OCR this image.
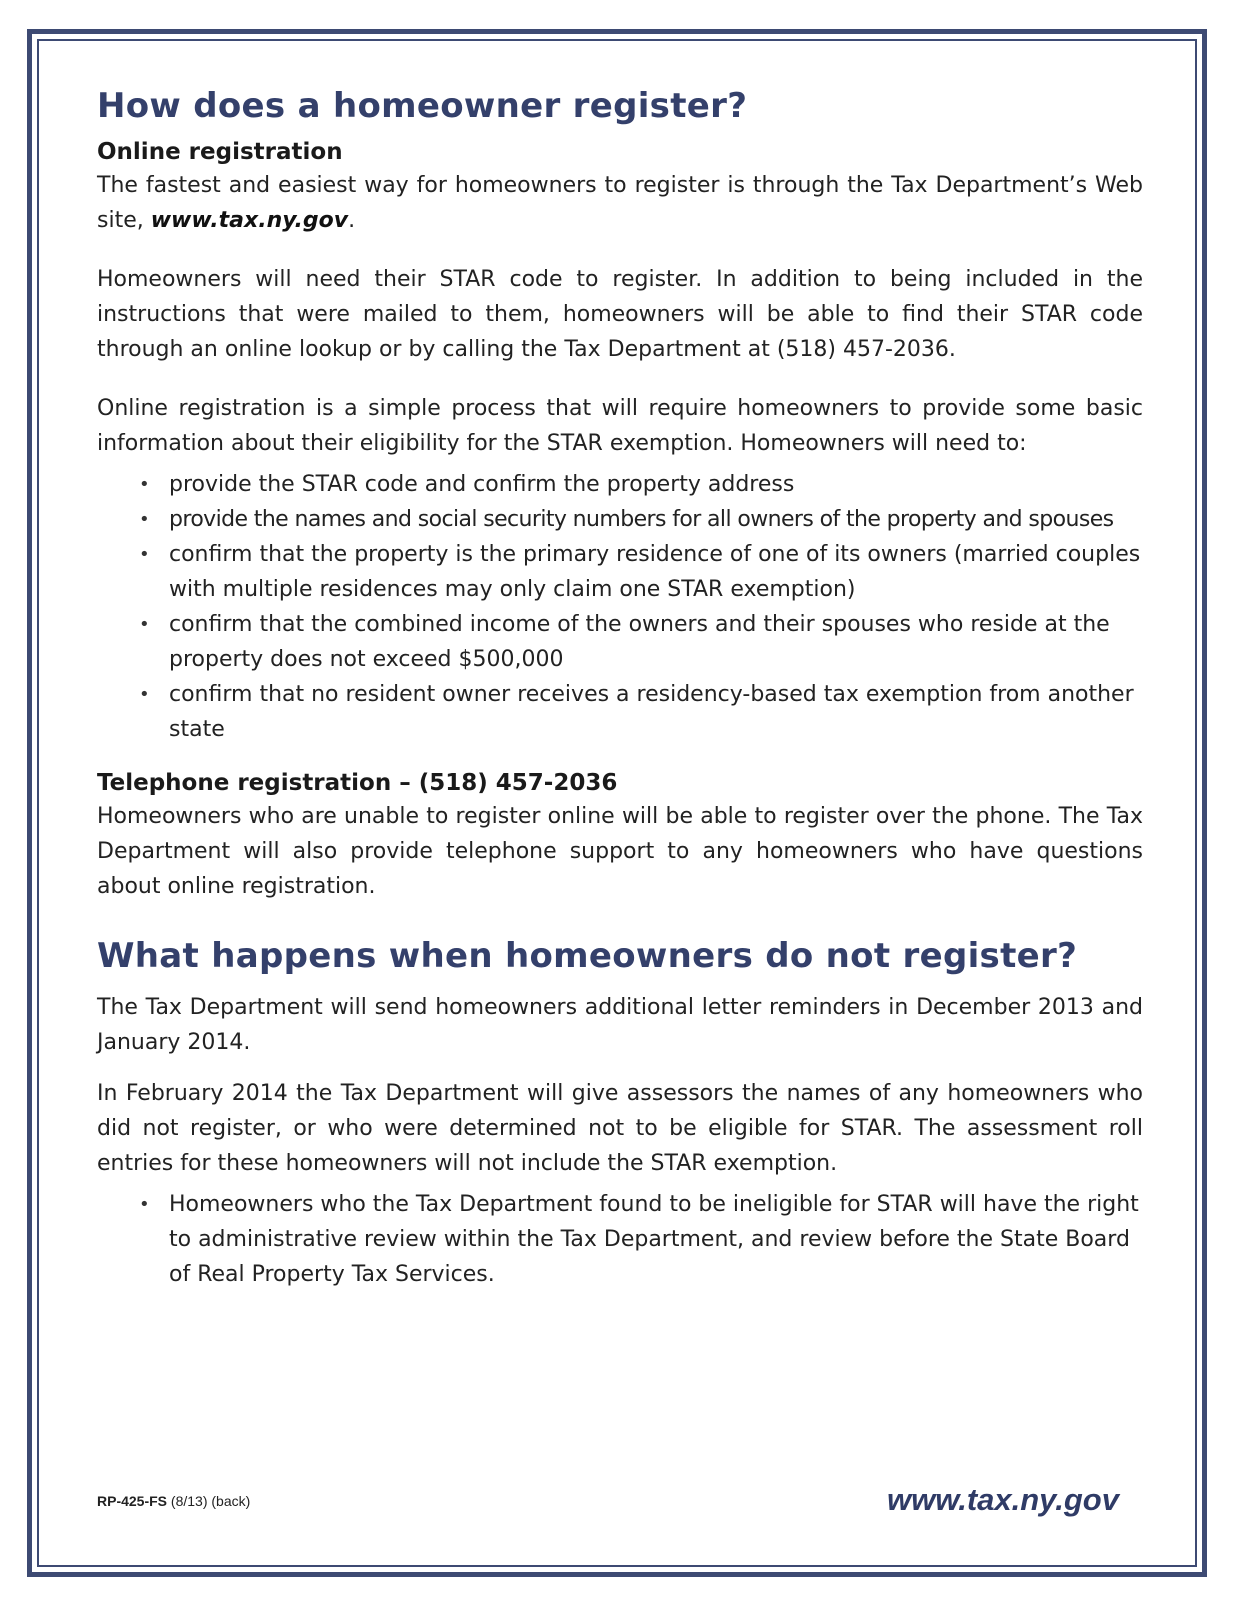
How does a homeowner register?
Online registration

The fastest and easiest way for homeowners to register is through the Tax Department’s Web site, www.tax.ny.gov.

Homeowners will need their STAR code to register. In addition to being included in the instructions that were mailed to them, homeowners will be able to find their STAR code through an online lookup or by calling the Tax Department at (518) 457-2036.

Online registration is a simple process that will require homeowners to provide some basic information about their eligibility for the STAR exemption. Homeowners will need to:

• provide the STAR code and confirm the property address
• provide the names and social security numbers for all owners of the property and spouses
• confirm that the property is the primary residence of one of its owners (married couples with multiple residences may only claim one STAR exemption)
• confirm that the combined income of the owners and their spouses who reside at the property does not exceed $500,000
• confirm that no resident owner receives a residency-based tax exemption from another state
Telephone registration – (518) 457-2036

Homeowners who are unable to register online will be able to register over the phone. The Tax Department will also provide telephone support to any homeowners who have questions about online registration.

What happens when homeowners do not register?

The Tax Department will send homeowners additional letter reminders in December 2013 and January 2014.

In February 2014 the Tax Department will give assessors the names of any homeowners who did not register, or who were determined not to be eligible for STAR. The assessment roll entries for these homeowners will not include the STAR exemption.

• Homeowners who the Tax Department found to be ineligible for STAR will have the right to administrative review within the Tax Department, and review before the State Board of Real Property Tax Services.
RP-425-FS (8/13) (back)	www.tax.ny.gov
